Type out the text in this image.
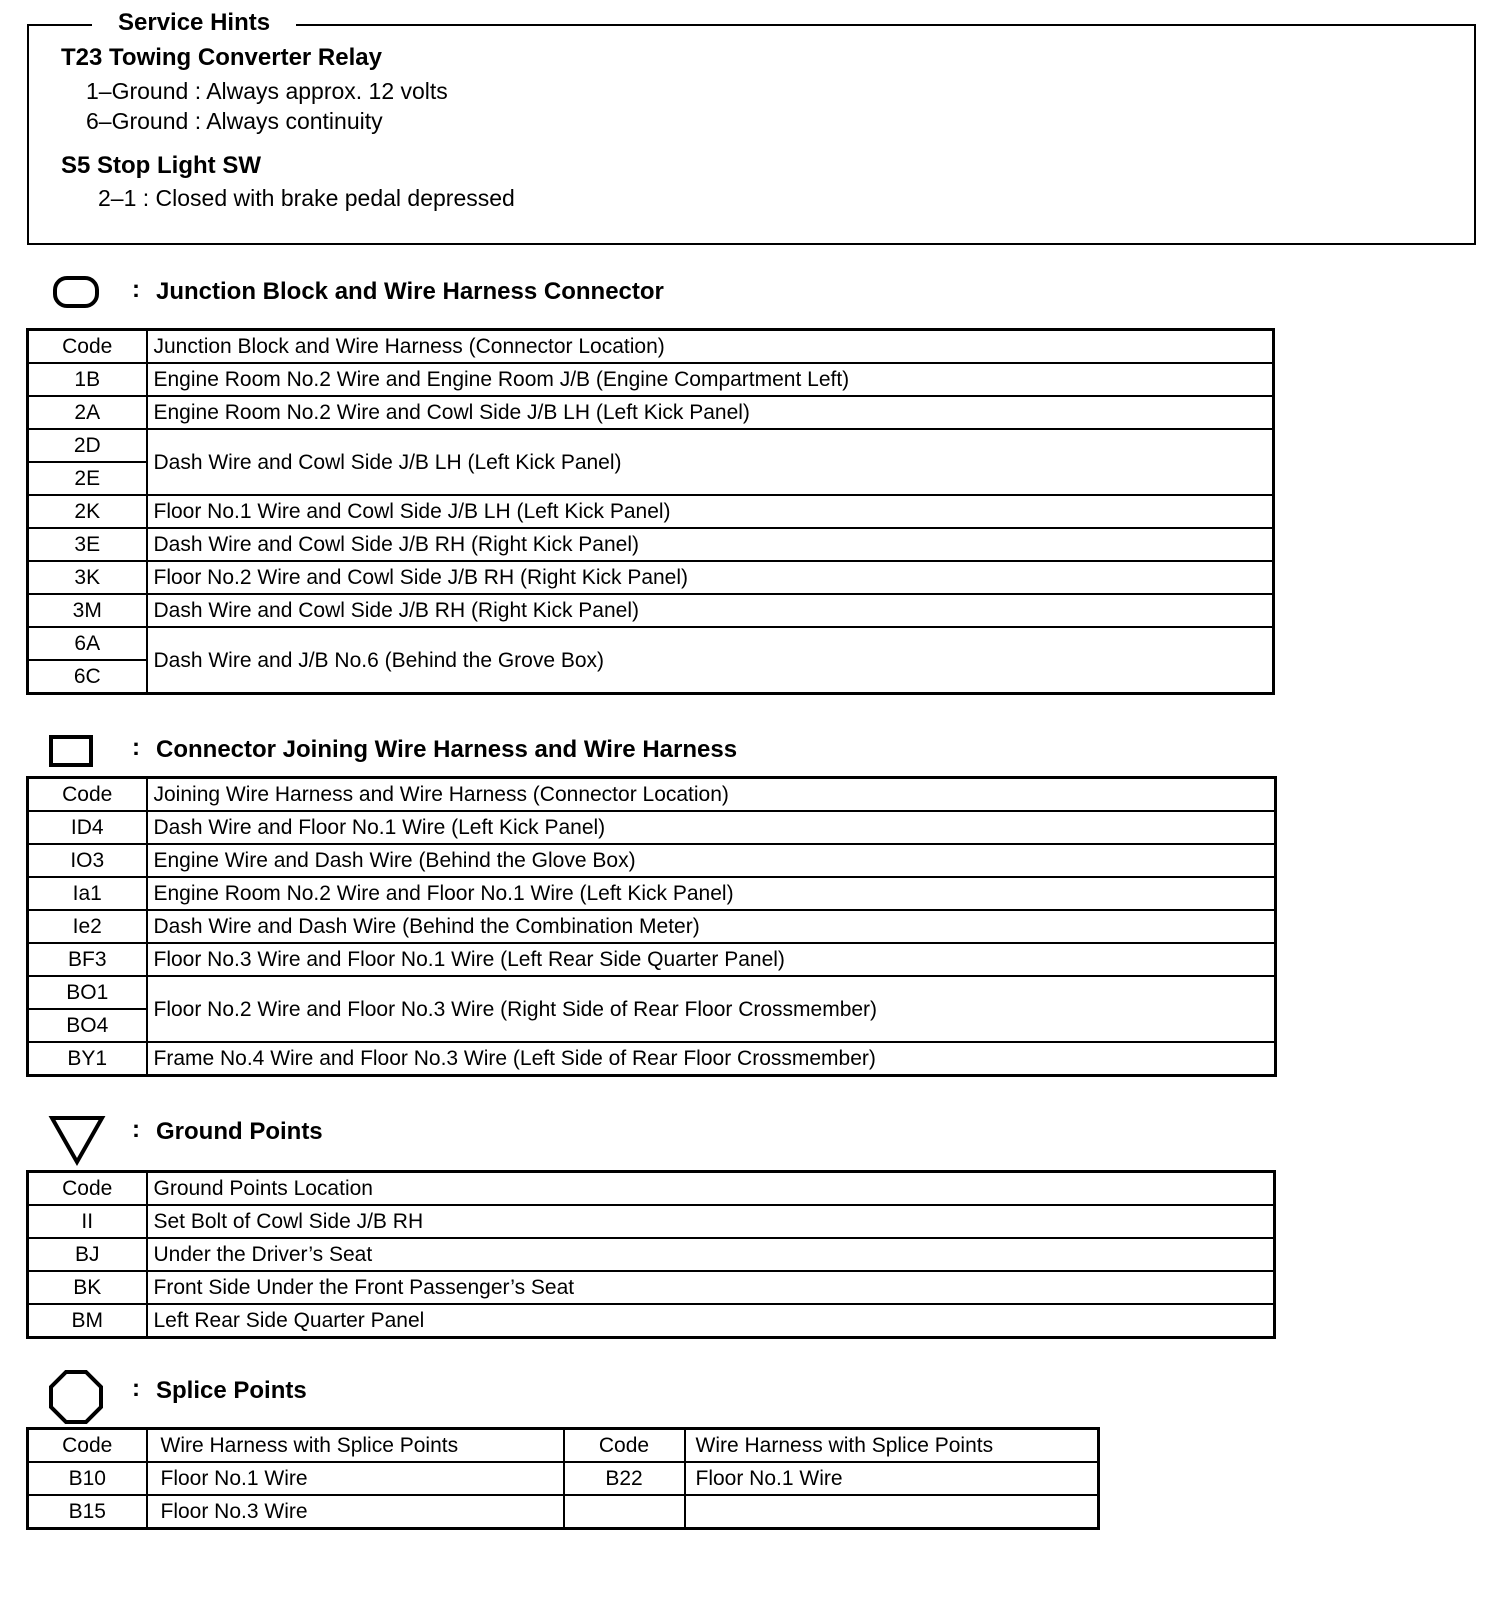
Service Hints
T23 Towing Converter Relay
1–Ground : Always approx. 12 volts
6–Ground : Always continuity
S5 Stop Light SW
2–1 : Closed with brake pedal depressed
: Junction Block and Wire Harness Connector
Code	Junction Block and Wire Harness (Connector Location)
1B	Engine Room No.2 Wire and Engine Room J/B (Engine Compartment Left)
2A	Engine Room No.2 Wire and Cowl Side J/B LH (Left Kick Panel)
2D	Dash Wire and Cowl Side J/B LH (Left Kick Panel)
2E	
2K	Floor No.1 Wire and Cowl Side J/B LH (Left Kick Panel)
3E	Dash Wire and Cowl Side J/B RH (Right Kick Panel)
3K	Floor No.2 Wire and Cowl Side J/B RH (Right Kick Panel)
3M	Dash Wire and Cowl Side J/B RH (Right Kick Panel)
6A	Dash Wire and J/B No.6 (Behind the Grove Box)
6C	
: Connector Joining Wire Harness and Wire Harness
Code	Joining Wire Harness and Wire Harness (Connector Location)
ID4	Dash Wire and Floor No.1 Wire (Left Kick Panel)
IO3	Engine Wire and Dash Wire (Behind the Glove Box)
Ia1	Engine Room No.2 Wire and Floor No.1 Wire (Left Kick Panel)
Ie2	Dash Wire and Dash Wire (Behind the Combination Meter)
BF3	Floor No.3 Wire and Floor No.1 Wire (Left Rear Side Quarter Panel)
BO1	Floor No.2 Wire and Floor No.3 Wire (Right Side of Rear Floor Crossmember)
BO4	
BY1	Frame No.4 Wire and Floor No.3 Wire (Left Side of Rear Floor Crossmember)
: Ground Points
Code	Ground Points Location
II	Set Bolt of Cowl Side J/B RH
BJ	Under the Driver’s Seat
BK	Front Side Under the Front Passenger’s Seat
BM	Left Rear Side Quarter Panel
: Splice Points
Code	Wire Harness with Splice Points	Code	Wire Harness with Splice Points
B10	Floor No.1 Wire	B22	Floor No.1 Wire
B15	Floor No.3 Wire		
